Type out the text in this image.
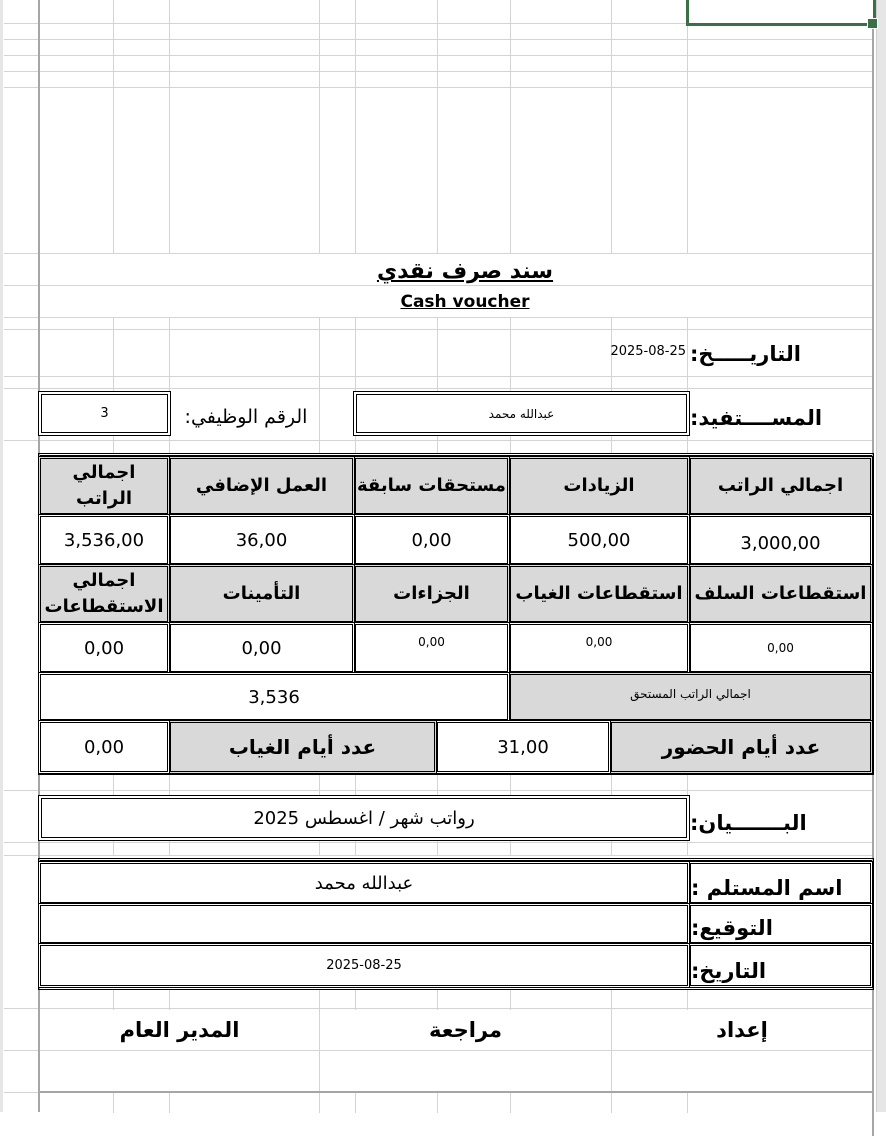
سند صرف نقدي
Cash voucher
التاريـــــخ:
2025-08-25
المســــتفيد:
عبدالله محمد
الرقم الوظيفي:
3
اجمالي الراتب
الزيادات
مستحقات سابقة
العمل الإضافي
اجمالي الراتب
3,000,00
500,00
0,00
36,00
3,536,00
استقطاعات السلف
استقطاعات الغياب
الجزاءات
التأمينات
اجمالي الاستقطاعات
0,00
0,00
0,00
0,00
0,00
اجمالي الراتب المستحق
3,536
عدد أيام الحضور
31,00
عدد أيام الغياب
0,00
البـــــــيان:
رواتب شهر / اغسطس 2025
اسم المستلم :
عبدالله محمد
التوقيع:
التاريخ:
2025-08-25
إعداد
مراجعة
المدير العام
